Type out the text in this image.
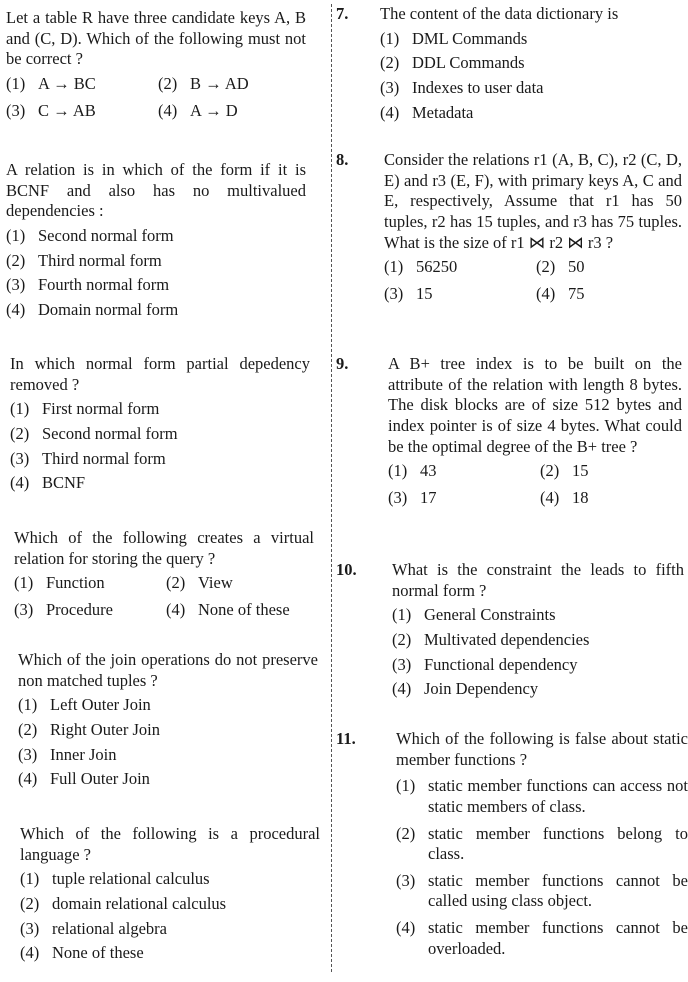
Let a table R have three candidate keys A, B and (C, D). Which of the following must not be correct ?
(1) A → BC	(2) B → AD
(3) C → AB	(4) A → D
A relation is in which of the form if it is BCNF and also has no multivalued dependencies :
(1) Second normal form
(2) Third normal form
(3) Fourth normal form
(4) Domain normal form
In which normal form partial depedency removed ?
(1) First normal form
(2) Second normal form
(3) Third normal form
(4) BCNF
Which of the following creates a virtual relation for storing the query ?
(1) Function	(2) View
(3) Procedure	(4) None of these
Which of the join operations do not preserve non matched tuples ?
(1) Left Outer Join
(2) Right Outer Join
(3) Inner Join
(4) Full Outer Join
Which of the following is a procedural language ?
(1) tuple relational calculus
(2) domain relational calculus
(3) relational algebra
(4) None of these
7. The content of the data dictionary is
(1) DML Commands
(2) DDL Commands
(3) Indexes to user data
(4) Metadata
8. Consider the relations r1 (A, B, C), r2 (C, D, E) and r3 (E, F), with primary keys A, C and E, respectively, Assume that r1 has 50 tuples, r2 has 15 tuples, and r3 has 75 tuples. What is the size of r1 ⋈ r2 ⋈ r3 ?
(1) 56250	(2) 50
(3) 15	(4) 75
9. A B+ tree index is to be built on the attribute of the relation with length 8 bytes. The disk blocks are of size 512 bytes and index pointer is of size 4 bytes. What could be the optimal degree of the B+ tree ?
(1) 43	(2) 15
(3) 17	(4) 18
10. What is the constraint the leads to fifth normal form ?
(1) General Constraints
(2) Multivated dependencies
(3) Functional dependency
(4) Join Dependency
11. Which of the following is false about static member functions ?
(1) static member functions can access not static members of class.
(2) static member functions belong to class.
(3) static member functions cannot be called using class object.
(4) static member functions cannot be overloaded.
